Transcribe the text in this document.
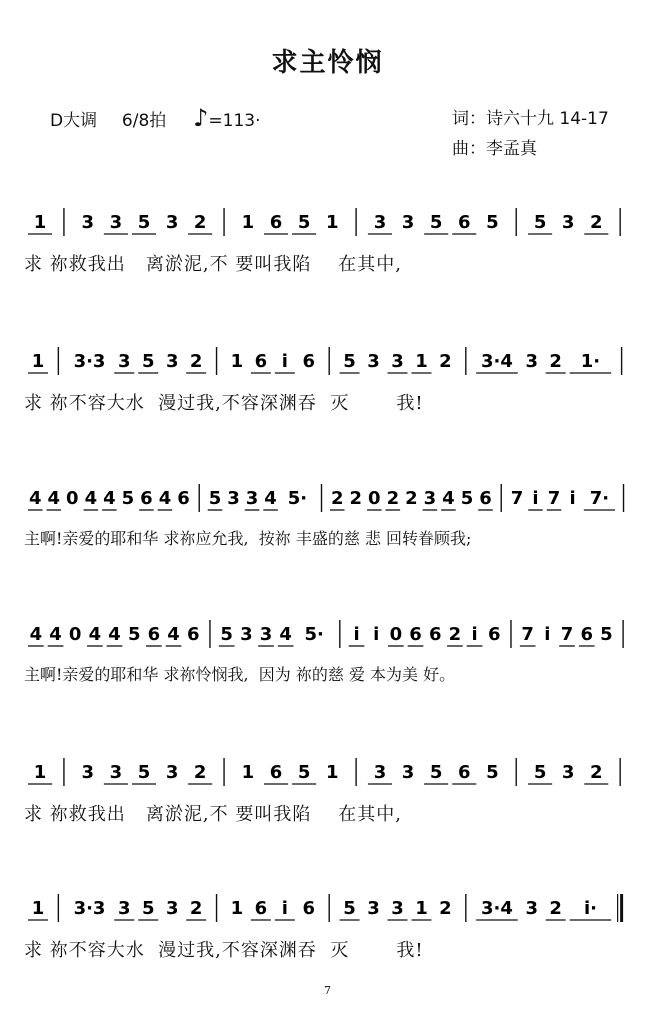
求主怜悯
D大调 6/8拍 ♪=113·	词：诗六十九 14-17
曲：李孟真
1 3 3 5 3 2 1 6 5 1 3 3 5 6 5 5 3 2
求 祢救我出   离淤泥,不 要叫我陷    在其中,
1 3·3 3 5 3 2 1 6 i 6 5 3 3 1 2 3·4 3 2 1·
求 祢不容大水  漫过我,不容深渊吞  灭       我!
4 4 0 4 4 5 6 4 6 5 3 3 4 5· 2 2 0 2 2 3 4 5 6 7 i 7 i 7·
主啊!亲爱的耶和华 求祢应允我,  按祢 丰盛的慈 悲 回转眷顾我;
4 4 0 4 4 5 6 4 6 5 3 3 4 5· i i 0 6 6 2 i 6 7 i 7 6 5
主啊!亲爱的耶和华 求祢怜悯我,  因为 祢的慈 爱 本为美 好。
1 3 3 5 3 2 1 6 5 1 3 3 5 6 5 5 3 2
求 祢救我出   离淤泥,不 要叫我陷    在其中,
1 3·3 3 5 3 2 1 6 i 6 5 3 3 1 2 3·4 3 2 i·
求 祢不容大水  漫过我,不容深渊吞  灭       我!
7
